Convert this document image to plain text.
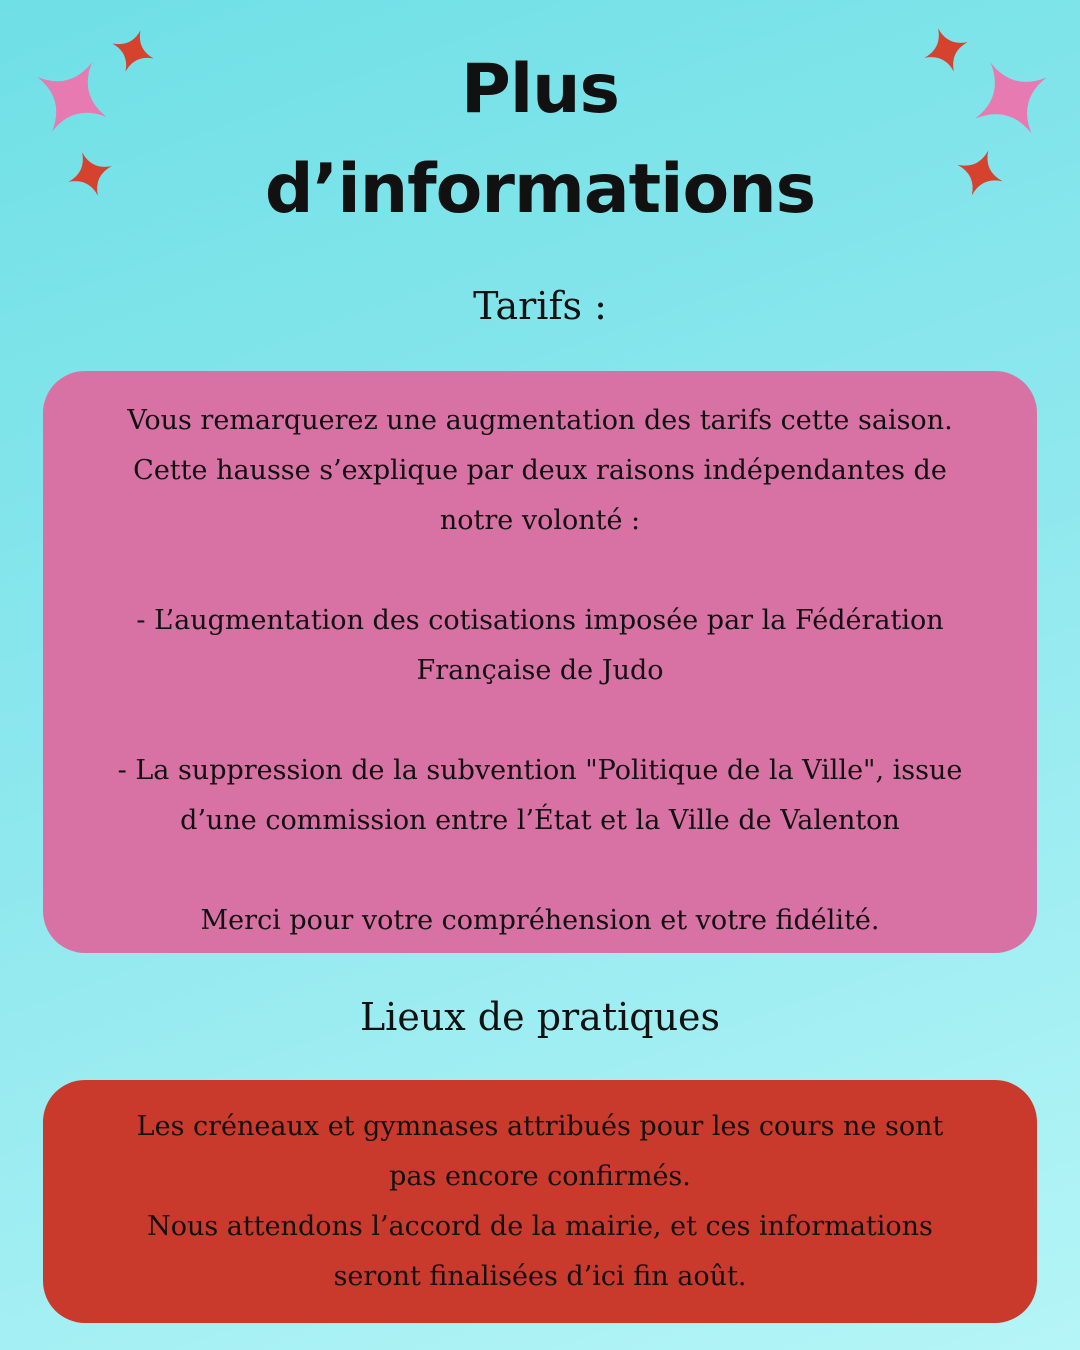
Plus
d’informations
Tarifs :

Vous remarquerez une augmentation des tarifs cette saison.

Cette hausse s’explique par deux raisons indépendantes de

notre volonté :

- L’augmentation des cotisations imposée par la Fédération

Française de Judo

- La suppression de la subvention "Politique de la Ville", issue

d’une commission entre l’État et la Ville de Valenton

Merci pour votre compréhension et votre fidélité.

Lieux de pratiques

Les créneaux et gymnases attribués pour les cours ne sont

pas encore confirmés.

Nous attendons l’accord de la mairie, et ces informations

seront finalisées d’ici fin août.
